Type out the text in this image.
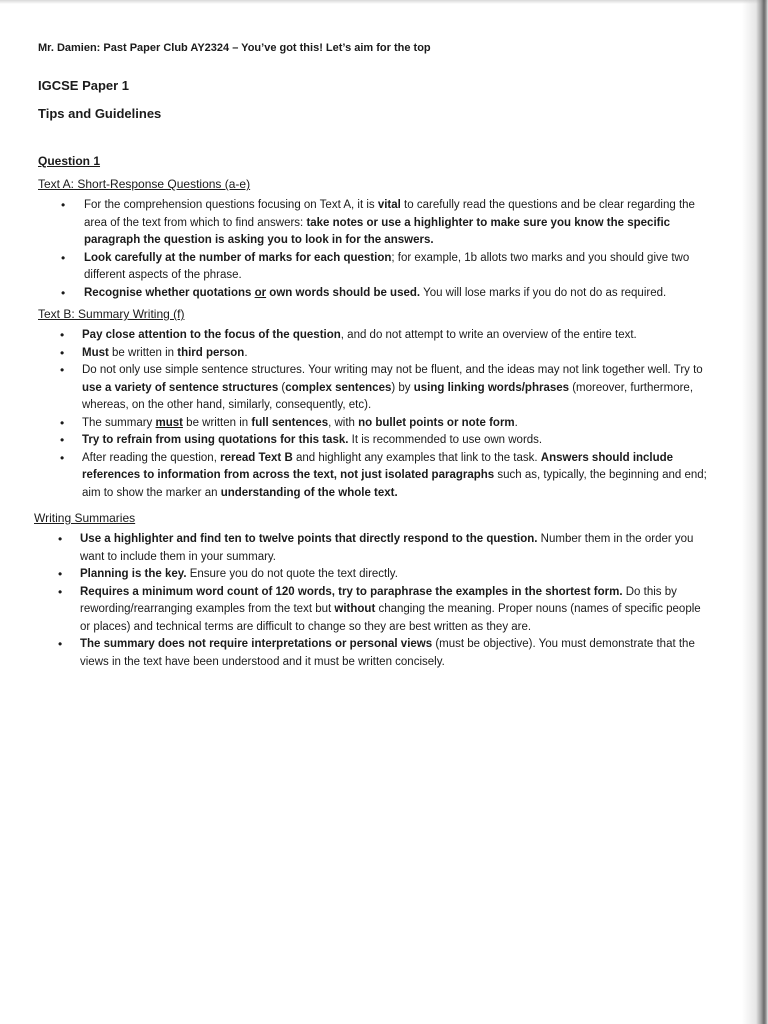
Mr. Damien: Past Paper Club AY2324 – You’ve got this! Let’s aim for the top
IGCSE Paper 1
Tips and Guidelines
Question 1
Text A: Short-Response Questions (a-e)
• For the comprehension questions focusing on Text A, it is vital to carefully read the questions and be clear regarding the area of the text from which to find answers: take notes or use a highlighter to make sure you know the specific paragraph the question is asking you to look in for the answers.
• Look carefully at the number of marks for each question; for example, 1b allots two marks and you should give two different aspects of the phrase.
• Recognise whether quotations or own words should be used. You will lose marks if you do not do as required.
Text B: Summary Writing (f)
• Pay close attention to the focus of the question, and do not attempt to write an overview of the entire text.
• Must be written in third person.
• Do not only use simple sentence structures. Your writing may not be fluent, and the ideas may not link together well. Try to use a variety of sentence structures (complex sentences) by using linking words/phrases (moreover, furthermore, whereas, on the other hand, similarly, consequently, etc).
• The summary must be written in full sentences, with no bullet points or note form.
• Try to refrain from using quotations for this task. It is recommended to use own words.
• After reading the question, reread Text B and highlight any examples that link to the task. Answers should include references to information from across the text, not just isolated paragraphs such as, typically, the beginning and end; aim to show the marker an understanding of the whole text.
Writing Summaries
• Use a highlighter and find ten to twelve points that directly respond to the question. Number them in the order you want to include them in your summary.
• Planning is the key. Ensure you do not quote the text directly.
• Requires a minimum word count of 120 words, try to paraphrase the examples in the shortest form. Do this by rewording/rearranging examples from the text but without changing the meaning. Proper nouns (names of specific people or places) and technical terms are difficult to change so they are best written as they are.
• The summary does not require interpretations or personal views (must be objective). You must demonstrate that the views in the text have been understood and it must be written concisely.
